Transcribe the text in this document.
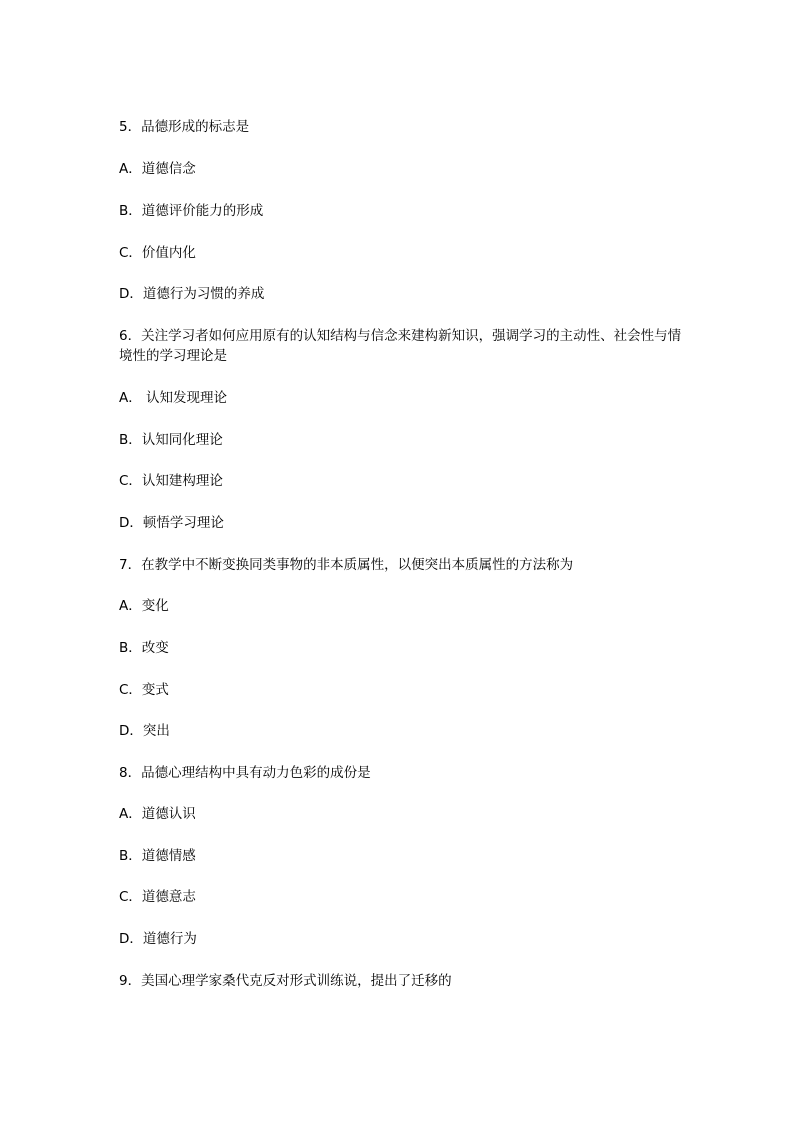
5．品德形成的标志是
A．道德信念
B．道德评价能力的形成
C．价值内化
D．道德行为习惯的养成
6．关注学习者如何应用原有的认知结构与信念来建构新知识，强调学习的主动性、社会性与情境性的学习理论是
A． 认知发现理论
B．认知同化理论
C．认知建构理论
D．顿悟学习理论
7．在教学中不断变换同类事物的非本质属性，以便突出本质属性的方法称为
A．变化
B．改变
C．变式
D．突出
8．品德心理结构中具有动力色彩的成份是
A．道德认识
B．道德情感
C．道德意志
D．道德行为
9．美国心理学家桑代克反对形式训练说，提出了迁移的
